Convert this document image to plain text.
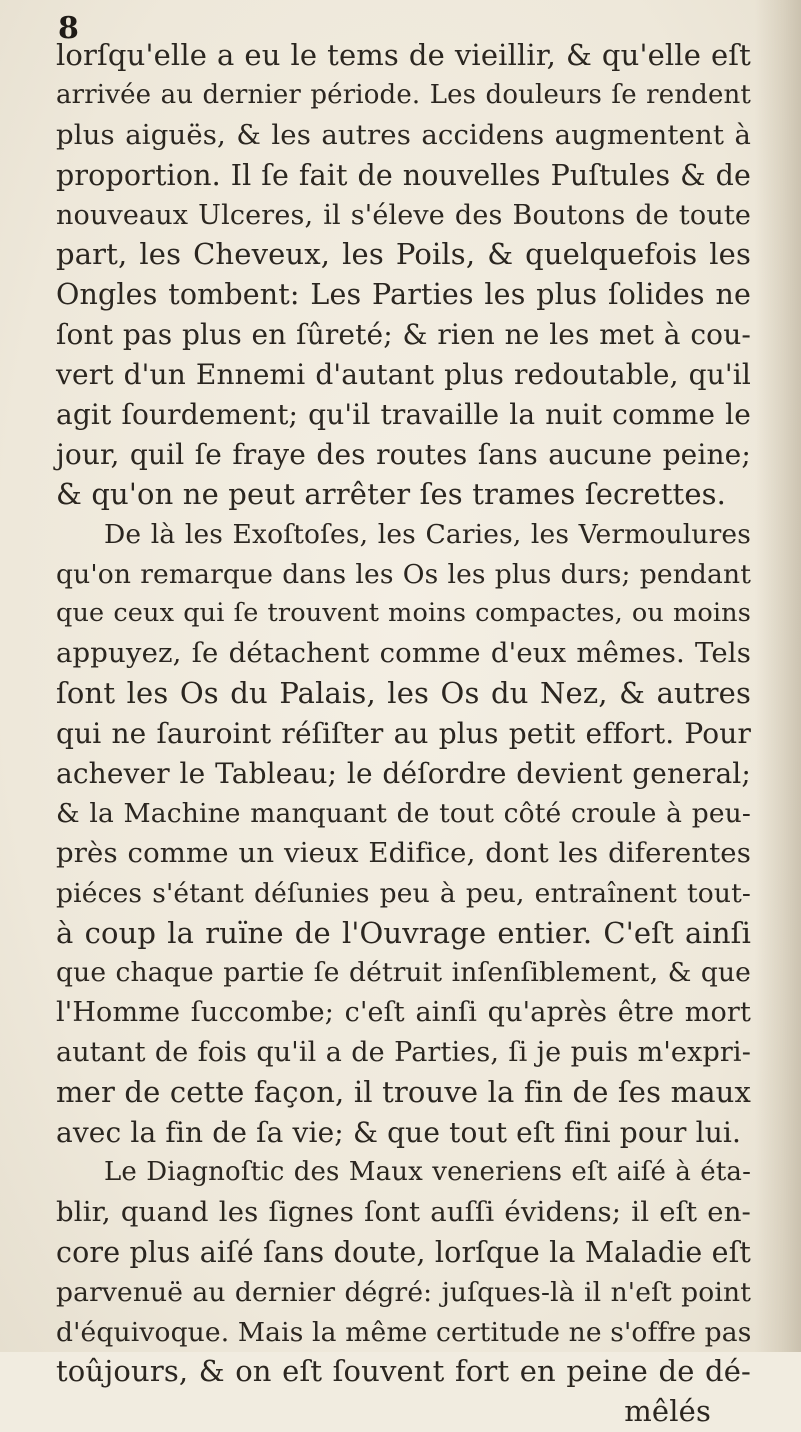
8
lorſqu'elle a eu le tems de vieillir, & qu'elle eſt
arrivée au dernier période. Les douleurs ſe rendent
plus aiguës, & les autres accidens augmentent à
proportion. Il ſe fait de nouvelles Puſtules & de
nouveaux Ulceres, il s'éleve des Boutons de toute
part, les Cheveux, les Poils, & quelquefois les
Ongles tombent: Les Parties les plus ſolides ne
ſont pas plus en ſûreté; & rien ne les met à cou-
vert d'un Ennemi d'autant plus redoutable, qu'il
agit ſourdement; qu'il travaille la nuit comme le
jour, quil ſe fraye des routes ſans aucune peine;
& qu'on ne peut arrêter ſes trames ſecrettes.
De là les Exoſtoſes, les Caries, les Vermoulures
qu'on remarque dans les Os les plus durs; pendant
que ceux qui ſe trouvent moins compactes, ou moins
appuyez, ſe détachent comme d'eux mêmes. Tels
ſont les Os du Palais, les Os du Nez, & autres
qui ne ſauroint réſiſter au plus petit effort. Pour
achever le Tableau; le déſordre devient general;
& la Machine manquant de tout côté croule à peu-
près comme un vieux Edifice, dont les diferentes
piéces s'étant déſunies peu à peu, entraînent tout-
à coup la ruïne de l'Ouvrage entier. C'eſt ainſi
que chaque partie ſe détruit inſenſiblement, & que
l'Homme ſuccombe; c'eſt ainſi qu'après être mort
autant de fois qu'il a de Parties, ſi je puis m'expri-
mer de cette façon, il trouve la fin de ſes maux
avec la fin de ſa vie; & que tout eſt fini pour lui.
Le Diagnoſtic des Maux veneriens eſt aiſé à éta-
blir, quand les ſignes ſont auſſi évidens; il eſt en-
core plus aiſé ſans doute, lorſque la Maladie eſt
parvenuë au dernier dégré: juſques-là il n'eſt point
d'équivoque. Mais la même certitude ne s'offre pas
toûjours, & on eſt ſouvent fort en peine de dé-
mêlés
